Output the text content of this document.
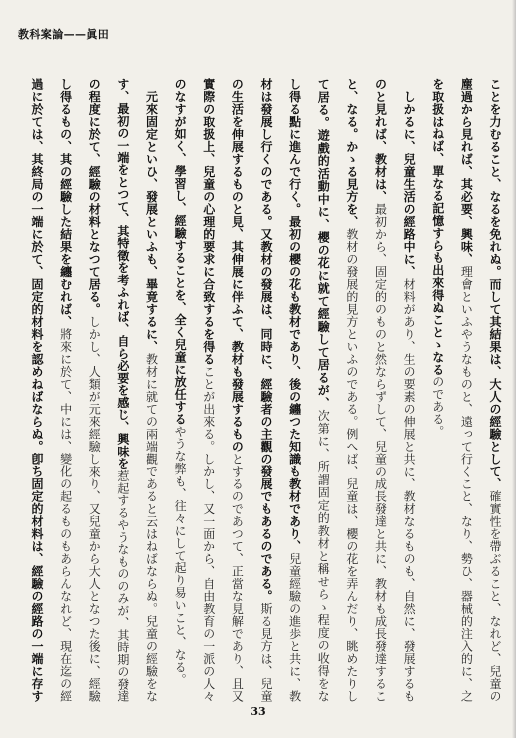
教科案論——眞田
ことを力むること、なるを免れぬ。而して其結果は、大人の經驗として、確實性を帶ぶること、なれど、兒童の
塵過から見れば、其必要、興味、理會といふやうなものと、遠って行くこと、なり、勢ひ、器械的注入的に、之
を取扱はねば、單なる記憶すらも出來得ぬことゝなるのである。
　しかるに、兒童生活の經路中に、材料があり、生の要素の伸展と共に、教材なるものも、自然に、發展するも
のと見れば、教材は、最初から、固定的のものと然ならずして、兒童の成長發達と共に、教材も成長發達するこ
と、なる。かゝる見方を、教材の發展的見方といふのである。例へば、兒童は、櫻の花を弄んだり、眺めたりし
て居る。遊戲的活動中に、櫻の花に就て經驗して居るが、次第に、所謂固定的教材と稱せらゝ程度の收得をな
し得る點に進んで行く。最初の櫻の花も教材であり、後の纏つた知識も教材であり、兒童經驗の進歩と共に、教
材は發展し行くのである。又教材の發展は、同時に、經驗者の主觀の發展でもあるのである。斯る見方は、兒童
の生活を伸展するものと見、其伸展に伴ふて、教材も發展するものとするのであつて、正當な見解であり、且又
實際の取扱上、兒童の心理的要求に合致するを得ることが出來る。しかし、又一面から、自由教育の一派の人々
のなすが如く、學習し、經驗することを、全く兒童に放任するやうな弊も、往々にして起り易いこと、なる。
　元來固定といひ、發展といふも、畢竟するに、教材に就ての兩端觀であると云はねばならぬ。兒童の經驗をな
す、最初の一端をとつて、其特徵を考ふれば、自ら必要を感じ、興味を惹起するやうなもののみが、其時期の發達
の程度に於て、經驗の材料となつて居る。しかし、人類が元來經驗し來り、又兒童から大人となつた後に、經驗
し得るもの、其の經驗した結果を纏むれば、將來に於て、中には、變化の起るものもあらんなれど、現在迄の經
過に於ては、其終局の一端に於て、固定的材料を認めねばならぬ。卽ち固定的材料は、經驗の經路の一端に存す
33
